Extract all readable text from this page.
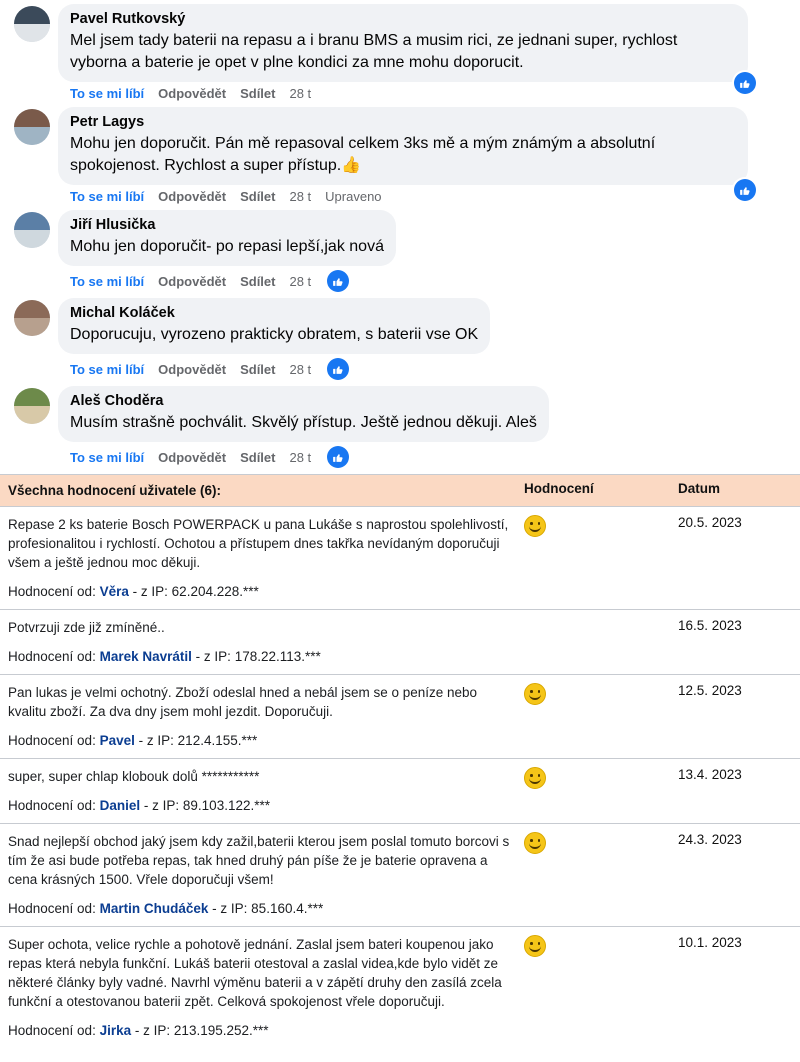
Pavel Rutkovský
Mel jsem tady baterii na repasu a i branu BMS a musim rici, ze jednani super, rychlost vyborna a baterie je opet v plne kondici za mne mohu doporucit.
To se mi líbí Odpovědět Sdílet 28 t
Petr Lagys
Mohu jen doporučit. Pán mě repasoval celkem 3ks mě a mým známým a absolutní spokojenost. Rychlost a super přístup.👍
To se mi líbí Odpovědět Sdílet 28 t Upraveno
Jiří Hlusička
Mohu jen doporučit- po repasi lepší,jak nová
To se mi líbí Odpovědět Sdílet 28 t
Michal Koláček
Doporucuju, vyrozeno prakticky obratem, s baterii vse OK
To se mi líbí Odpovědět Sdílet 28 t
Aleš Choděra
Musím strašně pochválit. Skvělý přístup. Ještě jednou děkuji. Aleš
To se mi líbí Odpovědět Sdílet 28 t
Všechna hodnocení uživatele (6):	Hodnocení	Datum

Repase 2 ks baterie Bosch POWERPACK u pana Lukáše s naprostou spolehlivostí, profesionalitou i rychlostí. Ochotou a přístupem dnes takřka nevídaným doporučuji všem a ještě jednou moc děkuji.

Hodnocení od: Věra - z IP: 62.204.228.***

20.5. 2023

Potvrzuji zde již zmíněné..

Hodnocení od: Marek Navrátil - z IP: 178.22.113.***

16.5. 2023

Pan lukas je velmi ochotný. Zboží odeslal hned a nebál jsem se o peníze nebo kvalitu zboží. Za dva dny jsem mohl jezdit. Doporučuji.

Hodnocení od: Pavel - z IP: 212.4.155.***

12.5. 2023

super, super chlap klobouk dolů ***********

Hodnocení od: Daniel - z IP: 89.103.122.***

13.4. 2023

Snad nejlepší obchod jaký jsem kdy zažil,baterii kterou jsem poslal tomuto borcovi s tím že asi bude potřeba repas, tak hned druhý pán píše že je baterie opravena a cena krásných 1500. Vřele doporučuji všem!

Hodnocení od: Martin Chudáček - z IP: 85.160.4.***

24.3. 2023

Super ochota, velice rychle a pohotově jednání. Zaslal jsem bateri koupenou jako repas která nebyla funkční. Lukáš baterii otestoval a zaslal videa,kde bylo vidět ze některé články byly vadné. Navrhl výměnu baterii a v zápětí druhy den zasílá zcela funkční a otestovanou baterii zpět. Celková spokojenost vřele doporučuji.

Hodnocení od: Jirka - z IP: 213.195.252.***

10.1. 2023
